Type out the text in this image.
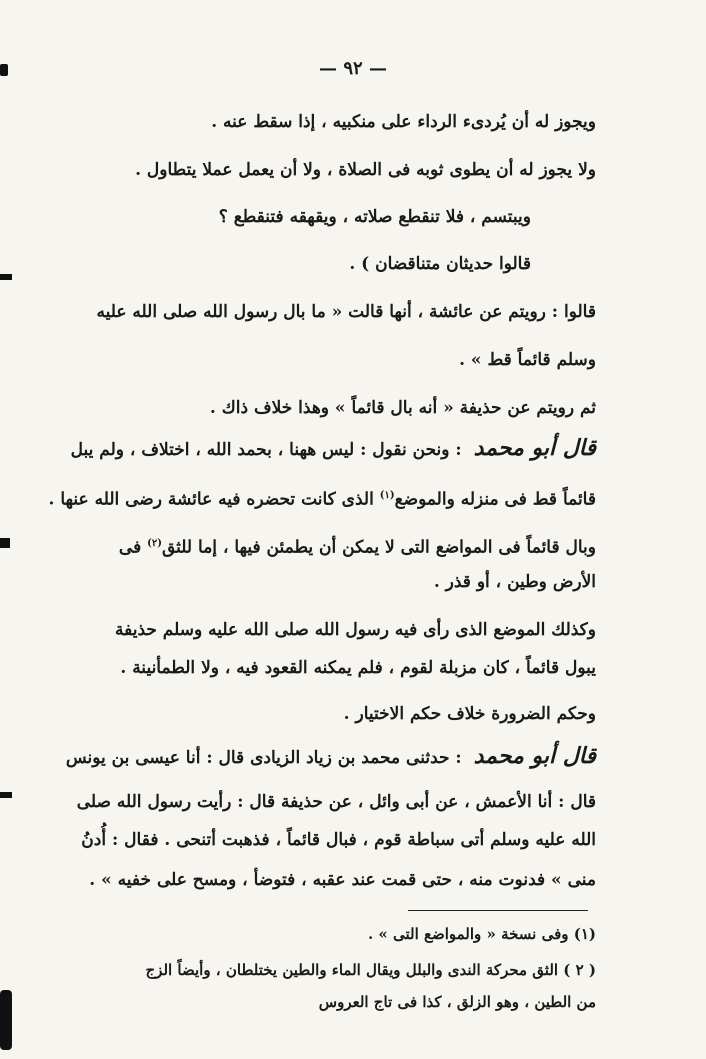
— ٩٢ —
ويجوز له أن يُردىء الرداء على منكبيه ، إذا سقط عنه .
ولا يجوز له أن يطوى ثوبه فى الصلاة ، ولا أن يعمل عملا يتطاول .
ويبتسم ، فلا تنقطع صلاته ، ويقهقه فتنقطع ؟
قالوا حديثان متناقضان ) .
قالوا : رويتم عن عائشة ، أنها قالت « ما بال رسول الله صلى الله عليه
وسلم قائماً قط » .
ثم رويتم عن حذيفة « أنه بال قائماً » وهذا خلاف ذاك .
قال أبو محمد : ونحن نقول : ليس ههنا ، بحمد الله ، اختلاف ، ولم يبل
قائماً قط فى منزله والموضع$^{(١)}$ الذى كانت تحضره فيه عائشة رضى الله عنها .
وبال قائماً فى المواضع التى لا يمكن أن يطمئن فيها ، إما للثق$^{(٢)}$ فى
الأرض وطين ، أو قذر .
وكذلك الموضع الذى رأى فيه رسول الله صلى الله عليه وسلم حذيفة
يبول قائماً ، كان مزبلة لقوم ، فلم يمكنه القعود فيه ، ولا الطمأنينة .
وحكم الضرورة خلاف حكم الاختيار .
قال أبو محمد : حدثنى محمد بن زياد الزيادى قال : أنا عيسى بن يونس
قال : أنا الأعمش ، عن أبى وائل ، عن حذيفة قال : رأيت رسول الله صلى
الله عليه وسلم أتى سباطة قوم ، فبال قائماً ، فذهبت أتنحى . فقال : أُدنُ
منى » فدنوت منه ، حتى قمت عند عقبه ، فتوضأ ، ومسح على خفيه » .
(١) وفى نسخة « والمواضع التى » .
( ٢ ) الثق محركة الندى والبلل ويقال الماء والطين يختلطان ، وأيضاً الزج
من الطين ، وهو الزلق ، كذا فى تاج العروس
